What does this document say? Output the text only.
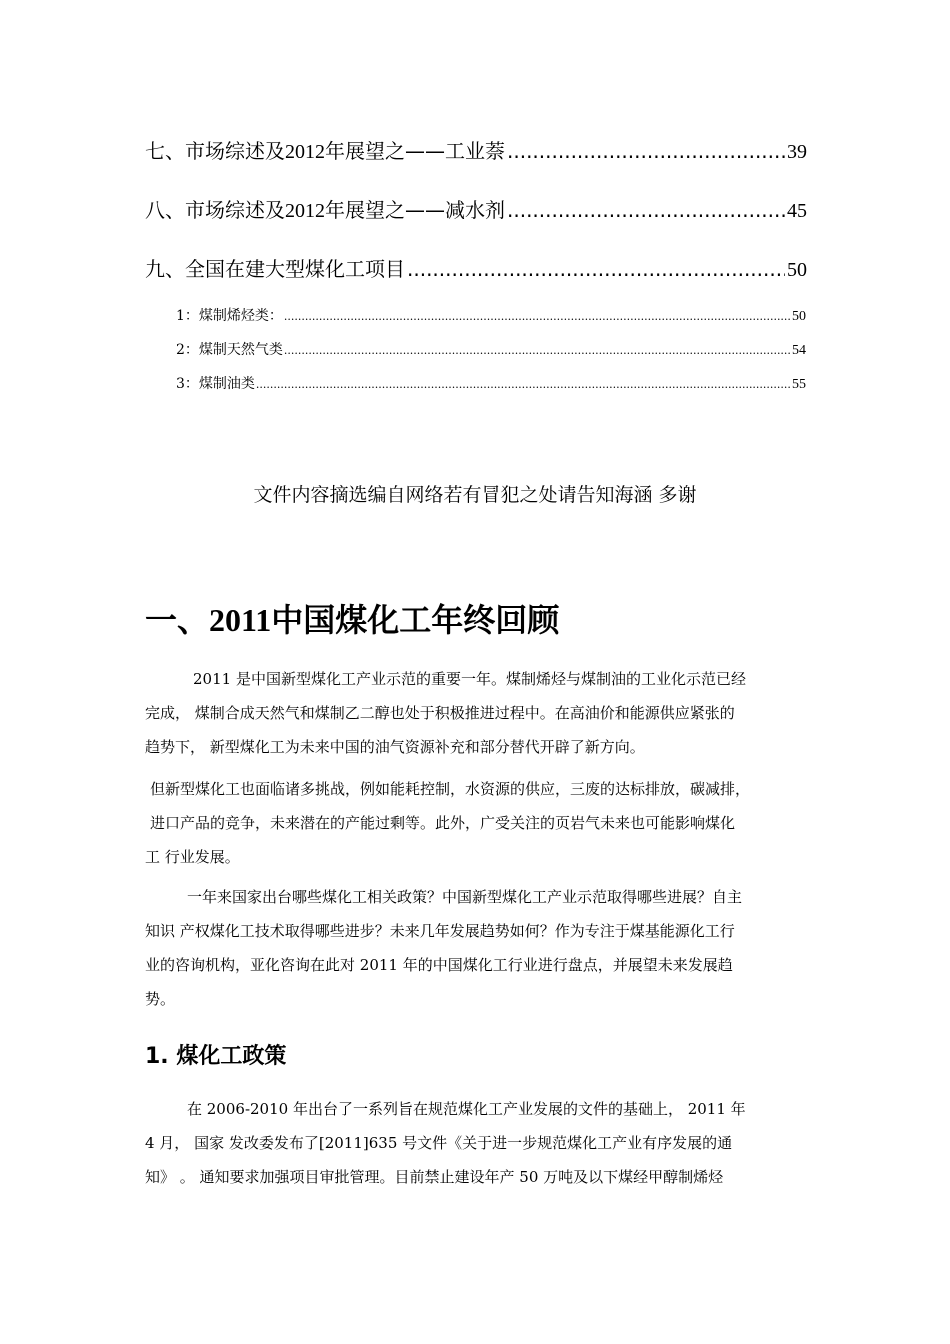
七、市场综述及2012年展望之——工业萘 .....	39
八、市场综述及2012年展望之——减水剂 .....	45
九、全国在建大型煤化工项目 .....	50
1：煤制烯烃类： .....	50
2：煤制天然气类 .....	54
3：煤制油类 .....	55
文件内容摘选编自网络若有冒犯之处请告知海涵 多谢
一、2011中国煤化工年终回顾
2011 是中国新型煤化工产业示范的重要一年。煤制烯烃与煤制油的工业化示范已经
完成， 煤制合成天然气和煤制乙二醇也处于积极推进过程中。在高油价和能源供应紧张的
趋势下， 新型煤化工为未来中国的油气资源补充和部分替代开辟了新方向。
但新型煤化工也面临诸多挑战，例如能耗控制，水资源的供应，三废的达标排放，碳减排，
进口产品的竞争，未来潜在的产能过剩等。此外，广受关注的页岩气未来也可能影响煤化
工 行业发展。
一年来国家出台哪些煤化工相关政策？中国新型煤化工产业示范取得哪些进展？自主
知识 产权煤化工技术取得哪些进步？未来几年发展趋势如何？作为专注于煤基能源化工行
业的咨询机构，亚化咨询在此对 2011 年的中国煤化工行业进行盘点，并展望未来发展趋
势。
1. 煤化工政策
在 2006-2010 年出台了一系列旨在规范煤化工产业发展的文件的基础上， 2011 年
4 月， 国家 发改委发布了[2011]635 号文件《关于进一步规范煤化工产业有序发展的通
知》 。 通知要求加强项目审批管理。目前禁止建设年产 50 万吨及以下煤经甲醇制烯烃
